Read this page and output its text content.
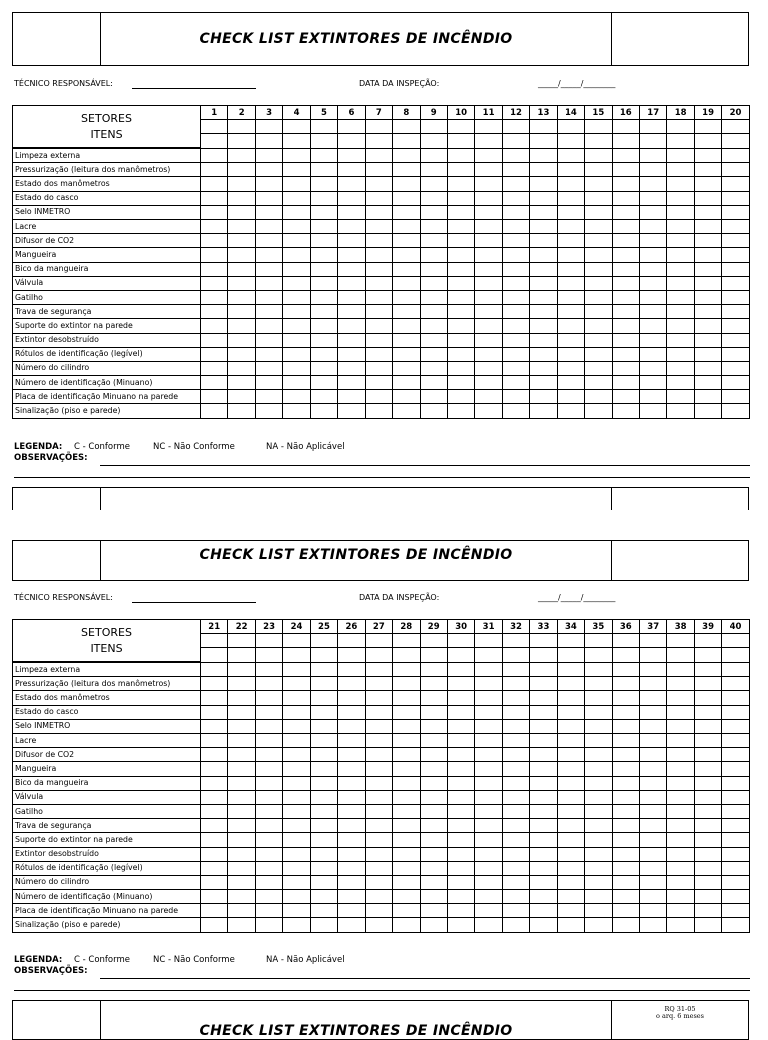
CHECK LIST EXTINTORES DE INCÊNDIO
TÉCNICO RESPONSÁVEL:	DATA DA INSPEÇÃO:	_____/_____/________
SETORES
ITENS	1	2	3	4	5	6	7	8	9	10	11	12	13	14	15	16	17	18	19	20

Limpeza externa																				
Pressurização (leitura dos manômetros)																				
Estado dos manômetros																				
Estado do casco																				
Selo INMETRO																				
Lacre																				
Difusor de CO2																				
Mangueira																				
Bico da mangueira																				
Válvula																				
Gatilho																				
Trava de segurança																				
Suporte do extintor na parede																				
Extintor desobstruído																				
Rótulos de identificação (legível)																				
Número do cilindro																				
Número de identificação (Minuano)																				
Placa de identificação Minuano na parede																				
Sinalização (piso e parede)																				
LEGENDA: C - Conforme	NC - Não Conforme	NA - Não Aplicável
OBSERVAÇÕES:
CHECK LIST EXTINTORES DE INCÊNDIO
TÉCNICO RESPONSÁVEL:	DATA DA INSPEÇÃO:	_____/_____/________
SETORES
ITENS	21	22	23	24	25	26	27	28	29	30	31	32	33	34	35	36	37	38	39	40

Limpeza externa																				
Pressurização (leitura dos manômetros)																				
Estado dos manômetros																				
Estado do casco																				
Selo INMETRO																				
Lacre																				
Difusor de CO2																				
Mangueira																				
Bico da mangueira																				
Válvula																				
Gatilho																				
Trava de segurança																				
Suporte do extintor na parede																				
Extintor desobstruído																				
Rótulos de identificação (legível)																				
Número do cilindro																				
Número de identificação (Minuano)																				
Placa de identificação Minuano na parede																				
Sinalização (piso e parede)																				
LEGENDA: C - Conforme	NC - Não Conforme	NA - Não Aplicável
OBSERVAÇÕES:
CHECK LIST EXTINTORES DE INCÊNDIO
RQ 31-05
o arq. 6 meses
